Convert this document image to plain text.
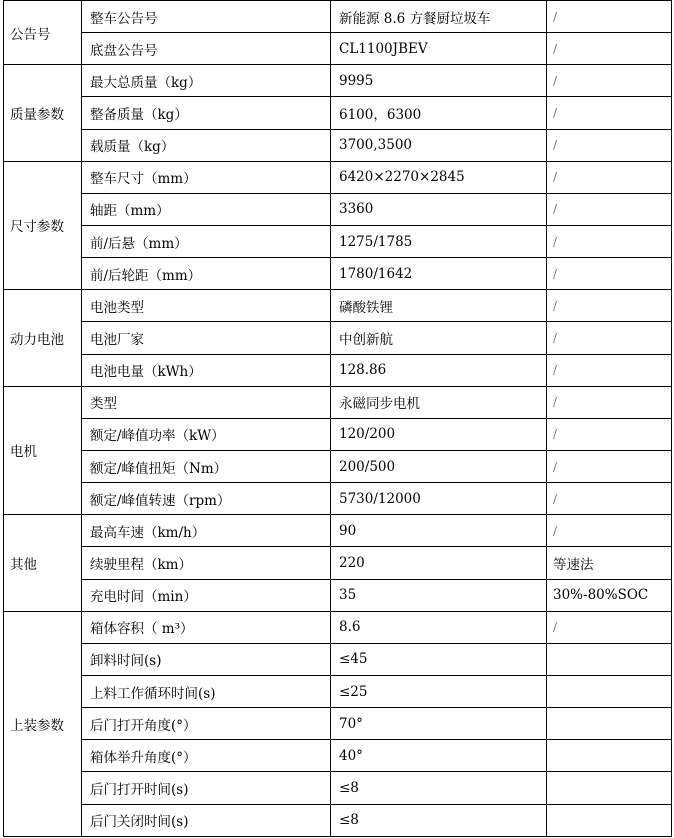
公告号	整车公告号	新能源 8.6 方餐厨垃圾车	/
	底盘公告号	CL1100JBEV	/
质量参数	最大总质量（kg）	9995	/
	整备质量（kg）	6100，6300	/
	载质量（kg）	3700,3500	/
尺寸参数	整车尺寸（mm）	6420×2270×2845	/
	轴距（mm）	3360	/
	前/后悬（mm）	1275/1785	/
	前/后轮距（mm）	1780/1642	/
动力电池	电池类型	磷酸铁锂	/
	电池厂家	中创新航	/
	电池电量（kWh）	128.86	/
电机	类型	永磁同步电机	/
	额定/峰值功率（kW）	120/200	/
	额定/峰值扭矩（Nm）	200/500	/
	额定/峰值转速（rpm）	5730/12000	/
其他	最高车速（km/h）	90	/
	续驶里程（km）	220	等速法
	充电时间（min）	35	30%-80%SOC
上装参数	箱体容积（ m³）	8.6	/
	卸料时间(s)	≤45	
	上料工作循环时间(s)	≤25	
	后门打开角度(°）	70°	
	箱体举升角度(°）	40°	
	后门打开时间(s)	≤8	
	后门关闭时间(s)	≤8	
